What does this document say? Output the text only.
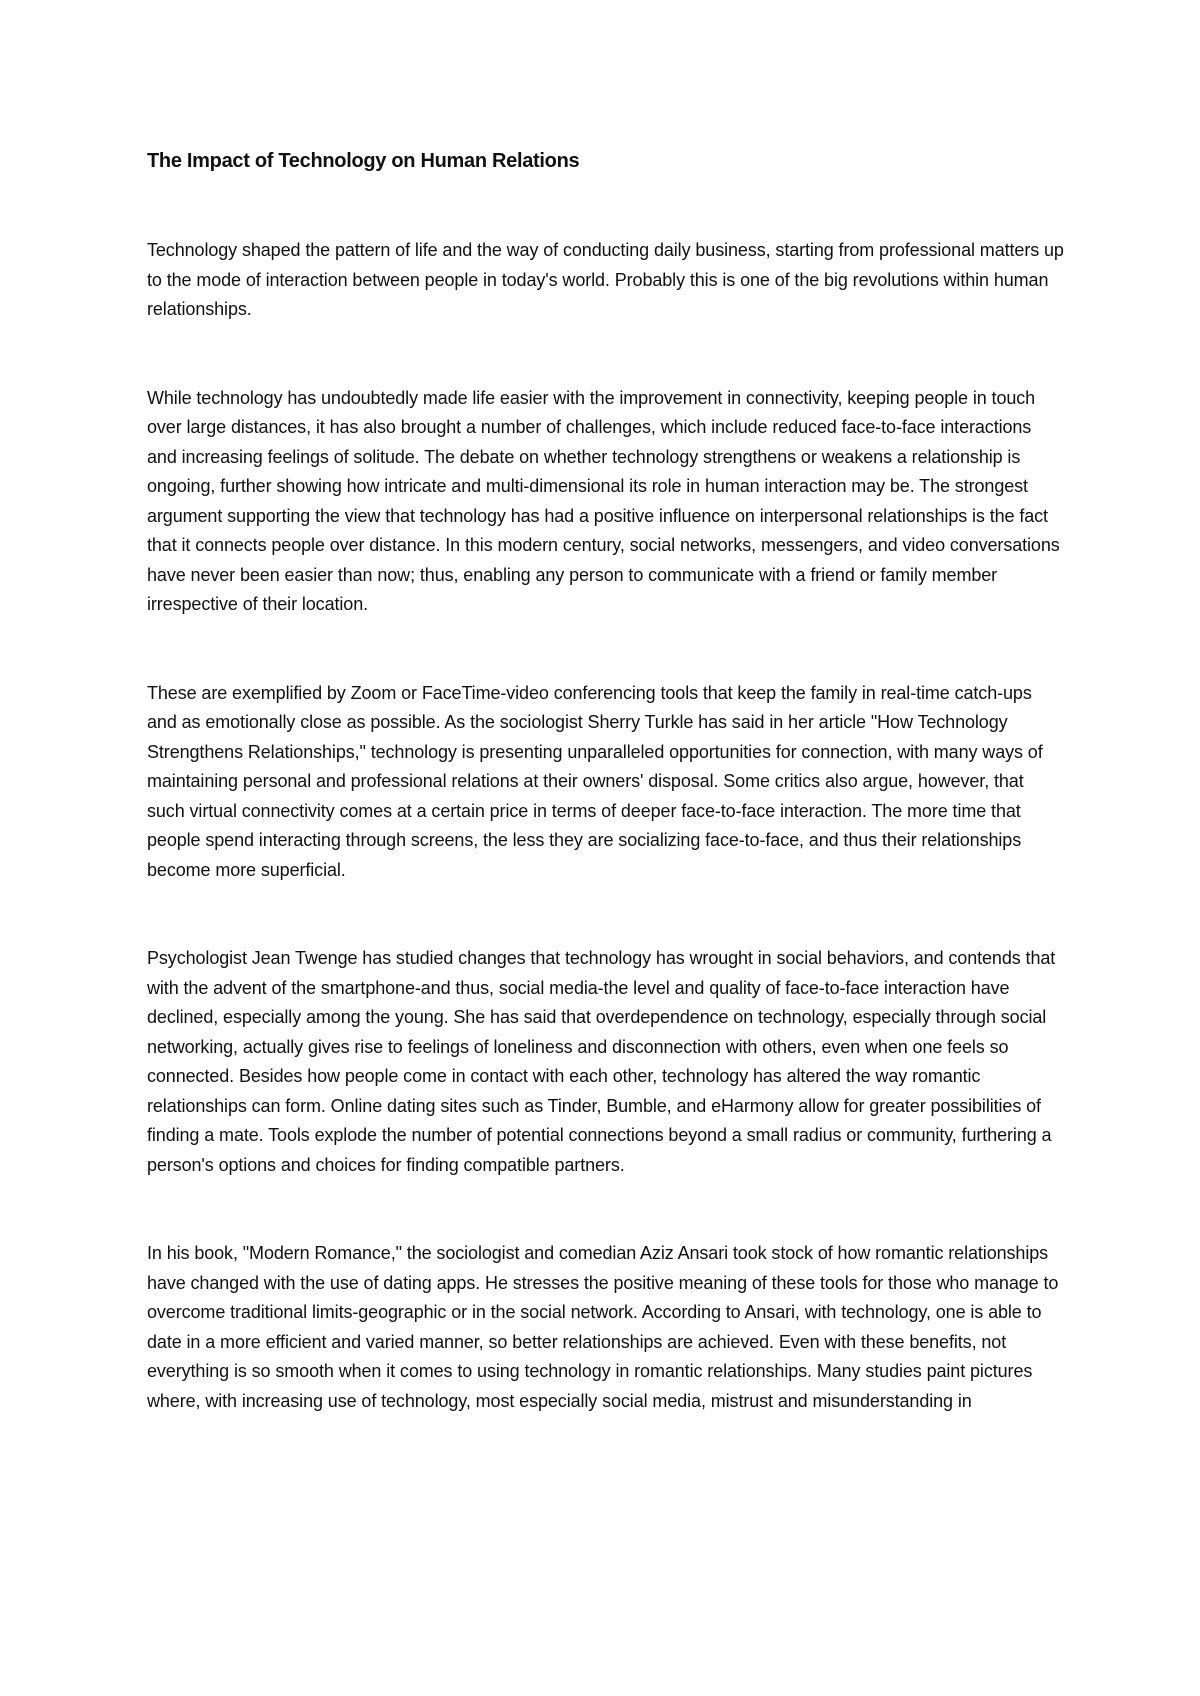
The Impact of Technology on Human Relations

Technology shaped the pattern of life and the way of conducting daily business, starting from professional matters up to the mode of interaction between people in today's world. Probably this is one of the big revolutions within human relationships.

While technology has undoubtedly made life easier with the improvement in connectivity, keeping people in touch over large distances, it has also brought a number of challenges, which include reduced face-to-face interactions and increasing feelings of solitude. The debate on whether technology strengthens or weakens a relationship is ongoing, further showing how intricate and multi-dimensional its role in human interaction may be. The strongest argument supporting the view that technology has had a positive influence on interpersonal relationships is the fact that it connects people over distance. In this modern century, social networks, messengers, and video conversations have never been easier than now; thus, enabling any person to communicate with a friend or family member irrespective of their location.

These are exemplified by Zoom or FaceTime-video conferencing tools that keep the family in real-time catch-ups and as emotionally close as possible. As the sociologist Sherry Turkle has said in her article "How Technology Strengthens Relationships," technology is presenting unparalleled opportunities for connection, with many ways of maintaining personal and professional relations at their owners' disposal. Some critics also argue, however, that such virtual connectivity comes at a certain price in terms of deeper face-to-face interaction. The more time that people spend interacting through screens, the less they are socializing face-to-face, and thus their relationships become more superficial.

Psychologist Jean Twenge has studied changes that technology has wrought in social behaviors, and contends that with the advent of the smartphone-and thus, social media-the level and quality of face-to-face interaction have declined, especially among the young. She has said that overdependence on technology, especially through social networking, actually gives rise to feelings of loneliness and disconnection with others, even when one feels so connected. Besides how people come in contact with each other, technology has altered the way romantic relationships can form. Online dating sites such as Tinder, Bumble, and eHarmony allow for greater possibilities of finding a mate. Tools explode the number of potential connections beyond a small radius or community, furthering a person's options and choices for finding compatible partners.

In his book, "Modern Romance," the sociologist and comedian Aziz Ansari took stock of how romantic relationships have changed with the use of dating apps. He stresses the positive meaning of these tools for those who manage to overcome traditional limits-geographic or in the social network. According to Ansari, with technology, one is able to date in a more efficient and varied manner, so better relationships are achieved. Even with these benefits, not everything is so smooth when it comes to using technology in romantic relationships. Many studies paint pictures where, with increasing use of technology, most especially social media, mistrust and misunderstanding in
